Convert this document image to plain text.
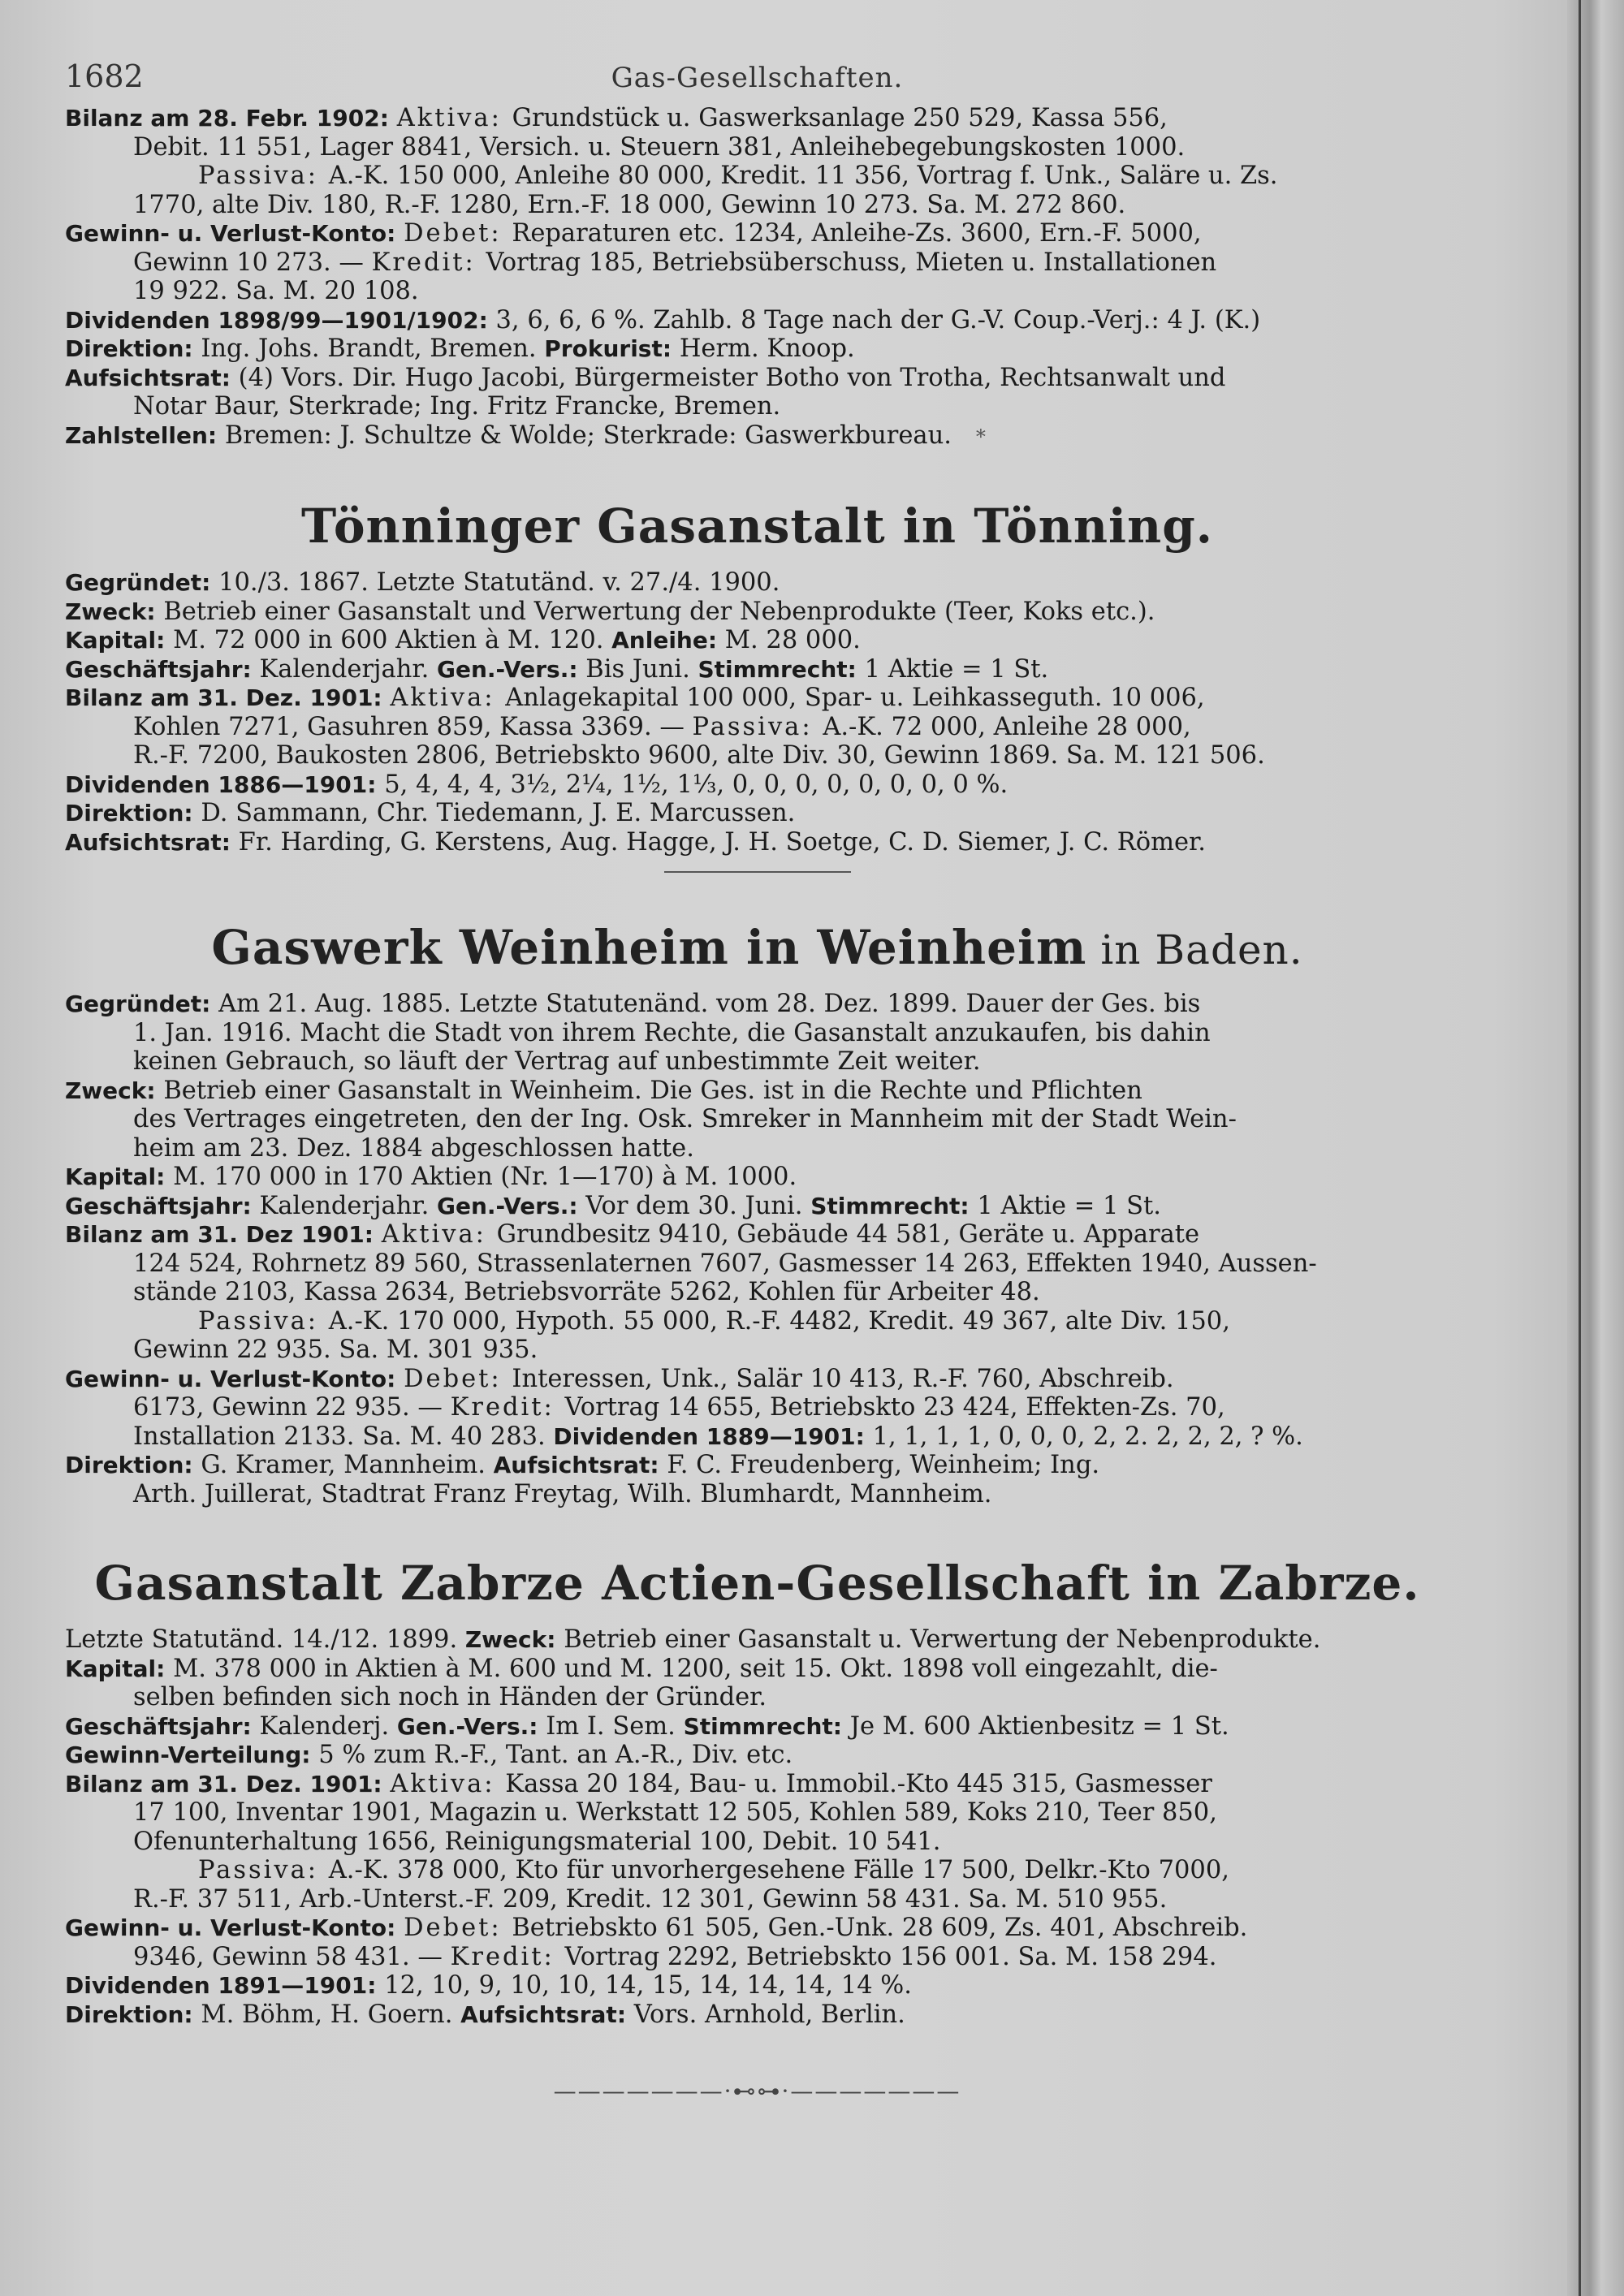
1682	Gas-Gesellschaften.
Bilanz am 28. Febr. 1902: Aktiva: Grundstück u. Gaswerksanlage 250 529, Kassa 556,
Debit. 11 551, Lager 8841, Versich. u. Steuern 381, Anleihebegebungskosten 1000.
Passiva: A.-K. 150 000, Anleihe 80 000, Kredit. 11 356, Vortrag f. Unk., Saläre u. Zs.
1770, alte Div. 180, R.-F. 1280, Ern.-F. 18 000, Gewinn 10 273. Sa. M. 272 860.
Gewinn- u. Verlust-Konto: Debet: Reparaturen etc. 1234, Anleihe-Zs. 3600, Ern.-F. 5000,
Gewinn 10 273. — Kredit: Vortrag 185, Betriebsüberschuss, Mieten u. Installationen
19 922. Sa. M. 20 108.
Dividenden 1898/99—1901/1902: 3, 6, 6, 6 %. Zahlb. 8 Tage nach der G.-V. Coup.-Verj.: 4 J. (K.)
Direktion: Ing. Johs. Brandt, Bremen. Prokurist: Herm. Knoop.
Aufsichtsrat: (4) Vors. Dir. Hugo Jacobi, Bürgermeister Botho von Trotha, Rechtsanwalt und
Notar Baur, Sterkrade; Ing. Fritz Francke, Bremen.
Zahlstellen: Bremen: J. Schultze & Wolde; Sterkrade: Gaswerkbureau. *
Tönninger Gasanstalt in Tönning.
Gegründet: 10./3. 1867. Letzte Statutänd. v. 27./4. 1900.
Zweck: Betrieb einer Gasanstalt und Verwertung der Nebenprodukte (Teer, Koks etc.).
Kapital: M. 72 000 in 600 Aktien à M. 120. Anleihe: M. 28 000.
Geschäftsjahr: Kalenderjahr. Gen.-Vers.: Bis Juni. Stimmrecht: 1 Aktie = 1 St.
Bilanz am 31. Dez. 1901: Aktiva: Anlagekapital 100 000, Spar- u. Leihkasseguth. 10 006,
Kohlen 7271, Gasuhren 859, Kassa 3369. — Passiva: A.-K. 72 000, Anleihe 28 000,
R.-F. 7200, Baukosten 2806, Betriebskto 9600, alte Div. 30, Gewinn 1869. Sa. M. 121 506.
Dividenden 1886—1901: 5, 4, 4, 4, 3½, 2¼, 1½, 1⅓, 0, 0, 0, 0, 0, 0, 0, 0 %.
Direktion: D. Sammann, Chr. Tiedemann, J. E. Marcussen.
Aufsichtsrat: Fr. Harding, G. Kerstens, Aug. Hagge, J. H. Soetge, C. D. Siemer, J. C. Römer.
Gaswerk Weinheim in Weinheim in Baden.
Gegründet: Am 21. Aug. 1885. Letzte Statutenänd. vom 28. Dez. 1899. Dauer der Ges. bis
1. Jan. 1916. Macht die Stadt von ihrem Rechte, die Gasanstalt anzukaufen, bis dahin
keinen Gebrauch, so läuft der Vertrag auf unbestimmte Zeit weiter.
Zweck: Betrieb einer Gasanstalt in Weinheim. Die Ges. ist in die Rechte und Pflichten
des Vertrages eingetreten, den der Ing. Osk. Smreker in Mannheim mit der Stadt Wein-
heim am 23. Dez. 1884 abgeschlossen hatte.
Kapital: M. 170 000 in 170 Aktien (Nr. 1—170) à M. 1000.
Geschäftsjahr: Kalenderjahr. Gen.-Vers.: Vor dem 30. Juni. Stimmrecht: 1 Aktie = 1 St.
Bilanz am 31. Dez 1901: Aktiva: Grundbesitz 9410, Gebäude 44 581, Geräte u. Apparate
124 524, Rohrnetz 89 560, Strassenlaternen 7607, Gasmesser 14 263, Effekten 1940, Aussen-
stände 2103, Kassa 2634, Betriebsvorräte 5262, Kohlen für Arbeiter 48.
Passiva: A.-K. 170 000, Hypoth. 55 000, R.-F. 4482, Kredit. 49 367, alte Div. 150,
Gewinn 22 935. Sa. M. 301 935.
Gewinn- u. Verlust-Konto: Debet: Interessen, Unk., Salär 10 413, R.-F. 760, Abschreib.
6173, Gewinn 22 935. — Kredit: Vortrag 14 655, Betriebskto 23 424, Effekten-Zs. 70,
Installation 2133. Sa. M. 40 283. Dividenden 1889—1901: 1, 1, 1, 1, 0, 0, 0, 2, 2. 2, 2, 2, ? %.
Direktion: G. Kramer, Mannheim. Aufsichtsrat: F. C. Freudenberg, Weinheim; Ing.
Arth. Juillerat, Stadtrat Franz Freytag, Wilh. Blumhardt, Mannheim.
Gasanstalt Zabrze Actien-Gesellschaft in Zabrze.
Letzte Statutänd. 14./12. 1899. Zweck: Betrieb einer Gasanstalt u. Verwertung der Nebenprodukte.
Kapital: M. 378 000 in Aktien à M. 600 und M. 1200, seit 15. Okt. 1898 voll eingezahlt, die-
selben befinden sich noch in Händen der Gründer.
Geschäftsjahr: Kalenderj. Gen.-Vers.: Im I. Sem. Stimmrecht: Je M. 600 Aktienbesitz = 1 St.
Gewinn-Verteilung: 5 % zum R.-F., Tant. an A.-R., Div. etc.
Bilanz am 31. Dez. 1901: Aktiva: Kassa 20 184, Bau- u. Immobil.-Kto 445 315, Gasmesser
17 100, Inventar 1901, Magazin u. Werkstatt 12 505, Kohlen 589, Koks 210, Teer 850,
Ofenunterhaltung 1656, Reinigungsmaterial 100, Debit. 10 541.
Passiva: A.-K. 378 000, Kto für unvorhergesehene Fälle 17 500, Delkr.-Kto 7000,
R.-F. 37 511, Arb.-Unterst.-F. 209, Kredit. 12 301, Gewinn 58 431. Sa. M. 510 955.
Gewinn- u. Verlust-Konto: Debet: Betriebskto 61 505, Gen.-Unk. 28 609, Zs. 401, Abschreib.
9346, Gewinn 58 431. — Kredit: Vortrag 2292, Betriebskto 156 001. Sa. M. 158 294.
Dividenden 1891—1901: 12, 10, 9, 10, 10, 14, 15, 14, 14, 14, 14 %.
Direktion: M. Böhm, H. Goern. Aufsichtsrat: Vors. Arnhold, Berlin.
———————·⊷⊶·———————
